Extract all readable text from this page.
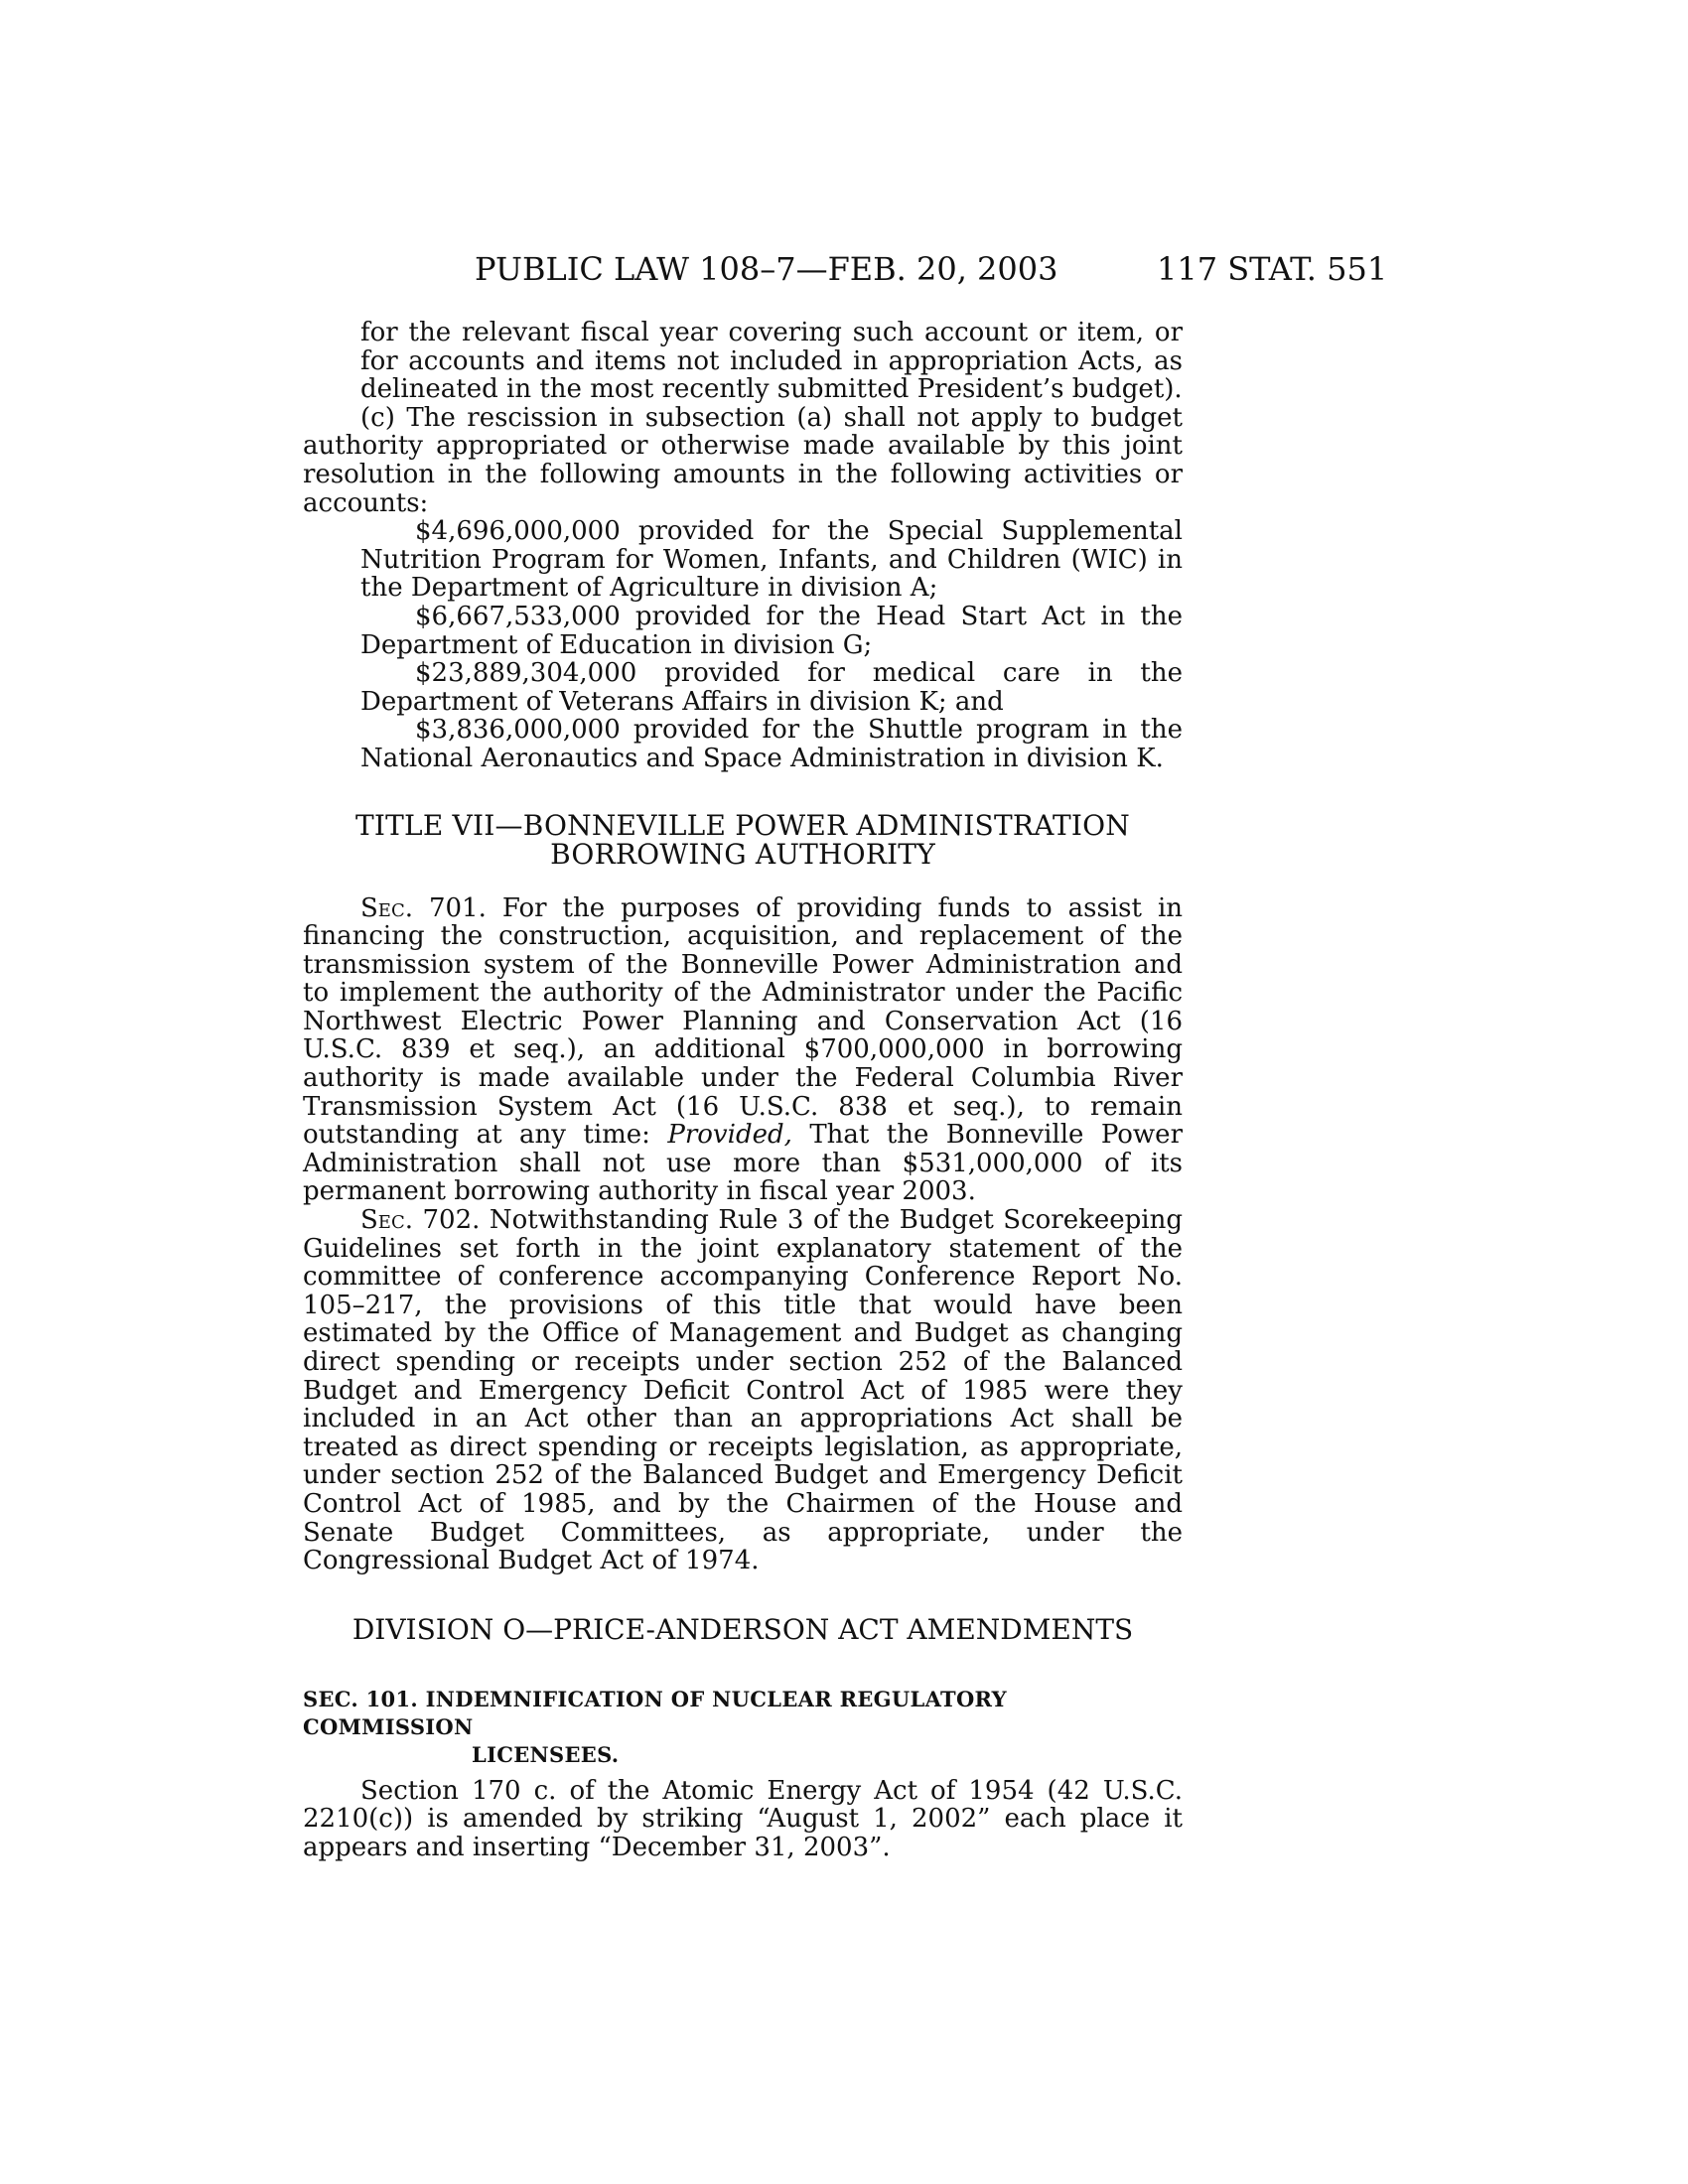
PUBLIC LAW 108–7—FEB. 20, 2003	117 STAT. 551

for the relevant fiscal year covering such account or item, or for accounts and items not included in appropriation Acts, as delineated in the most recently submitted President’s budget).

(c) The rescission in subsection (a) shall not apply to budget authority appropriated or otherwise made available by this joint resolution in the following amounts in the following activities or accounts:

$4,696,000,000 provided for the Special Supplemental Nutrition Program for Women, Infants, and Children (WIC) in the Department of Agriculture in division A;

$6,667,533,000 provided for the Head Start Act in the Department of Education in division G;

$23,889,304,000 provided for medical care in the Department of Veterans Affairs in division K; and

$3,836,000,000 provided for the Shuttle program in the National Aeronautics and Space Administration in division K.

TITLE VII—BONNEVILLE POWER ADMINISTRATION
BORROWING AUTHORITY

Sec. 701. For the purposes of providing funds to assist in financing the construction, acquisition, and replacement of the transmission system of the Bonneville Power Administration and to implement the authority of the Administrator under the Pacific Northwest Electric Power Planning and Conservation Act (16 U.S.C. 839 et seq.), an additional $700,000,000 in borrowing authority is made available under the Federal Columbia River Transmission System Act (16 U.S.C. 838 et seq.), to remain outstanding at any time: Provided, That the Bonneville Power Administration shall not use more than $531,000,000 of its permanent borrowing authority in fiscal year 2003.

Sec. 702. Notwithstanding Rule 3 of the Budget Scorekeeping Guidelines set forth in the joint explanatory statement of the committee of conference accompanying Conference Report No. 105–217, the provisions of this title that would have been estimated by the Office of Management and Budget as changing direct spending or receipts under section 252 of the Balanced Budget and Emergency Deficit Control Act of 1985 were they included in an Act other than an appropriations Act shall be treated as direct spending or receipts legislation, as appropriate, under section 252 of the Balanced Budget and Emergency Deficit Control Act of 1985, and by the Chairmen of the House and Senate Budget Committees, as appropriate, under the Congressional Budget Act of 1974.

DIVISION O—PRICE-ANDERSON ACT AMENDMENTS
SEC. 101. INDEMNIFICATION OF NUCLEAR REGULATORY COMMISSION
LICENSEES.

Section 170 c. of the Atomic Energy Act of 1954 (42 U.S.C. 2210(c)) is amended by striking “August 1, 2002” each place it appears and inserting “December 31, 2003”.
